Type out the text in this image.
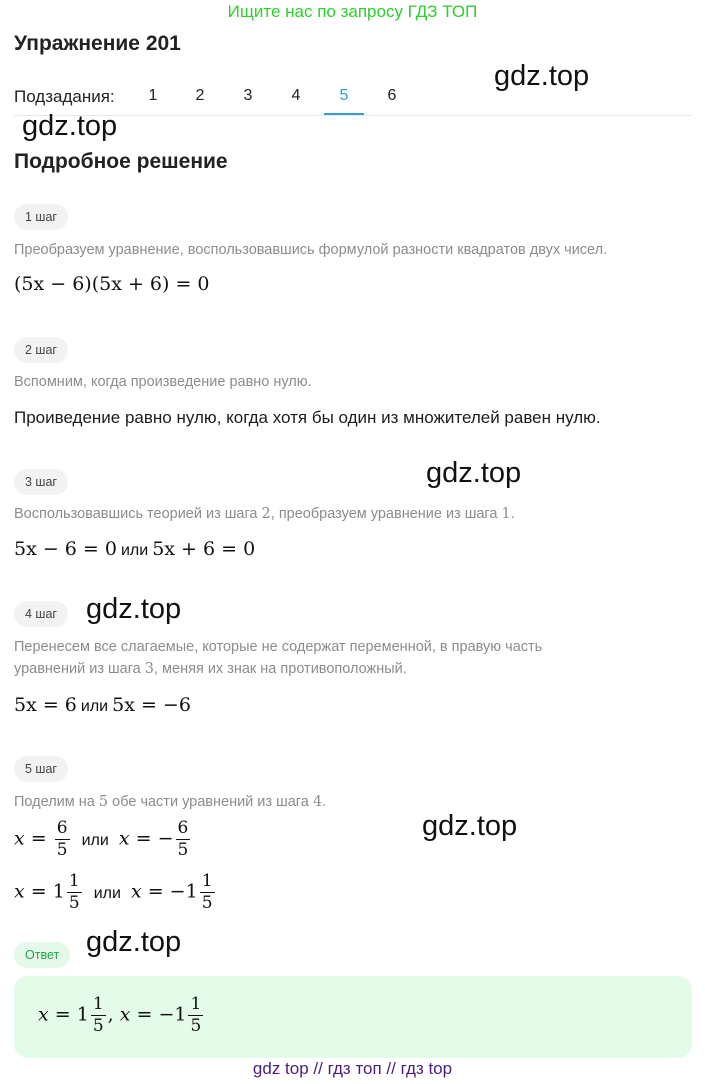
Ищите нас по запросу ГДЗ ТОП
Упражнение 201
Подзадания:	1	2	3	4	5	6
Подробное решение
1 шаг
Преобразуем уравнение, воспользовавшись формулой разности квадратов двух чисел.
(5x − 6)(5x + 6) = 0
2 шаг
Вспомним, когда произведение равно нулю.
Проиведение равно нулю, когда хотя бы один из множителей равен нулю.
3 шаг
Воспользовавшись теорией из шага 2, преобразуем уравнение из шага 1.
5x − 6 = 0 или 5x + 6 = 0
4 шаг
Перенесем все слагаемые, которые не содержат переменной, в правую часть
уравнений из шага 3, меняя их знак на противоположный.
5x = 6 или 5x = −6
5 шаг
Поделим на 5 обе части уравнений из шага 4.
$x = \frac{6}{5}$ или x = − $\frac{6}{5}$
$x = 1 \frac{1}{5}$ или $x = -1 \frac{1}{5}$
Ответ
$x = 1 \frac{1}{5}$ , $x = -1 \frac{1}{5}$
gdz.top
gdz.top
gdz.top
gdz.top
gdz.top
gdz.top
gdz top // гдз топ // гдз top
